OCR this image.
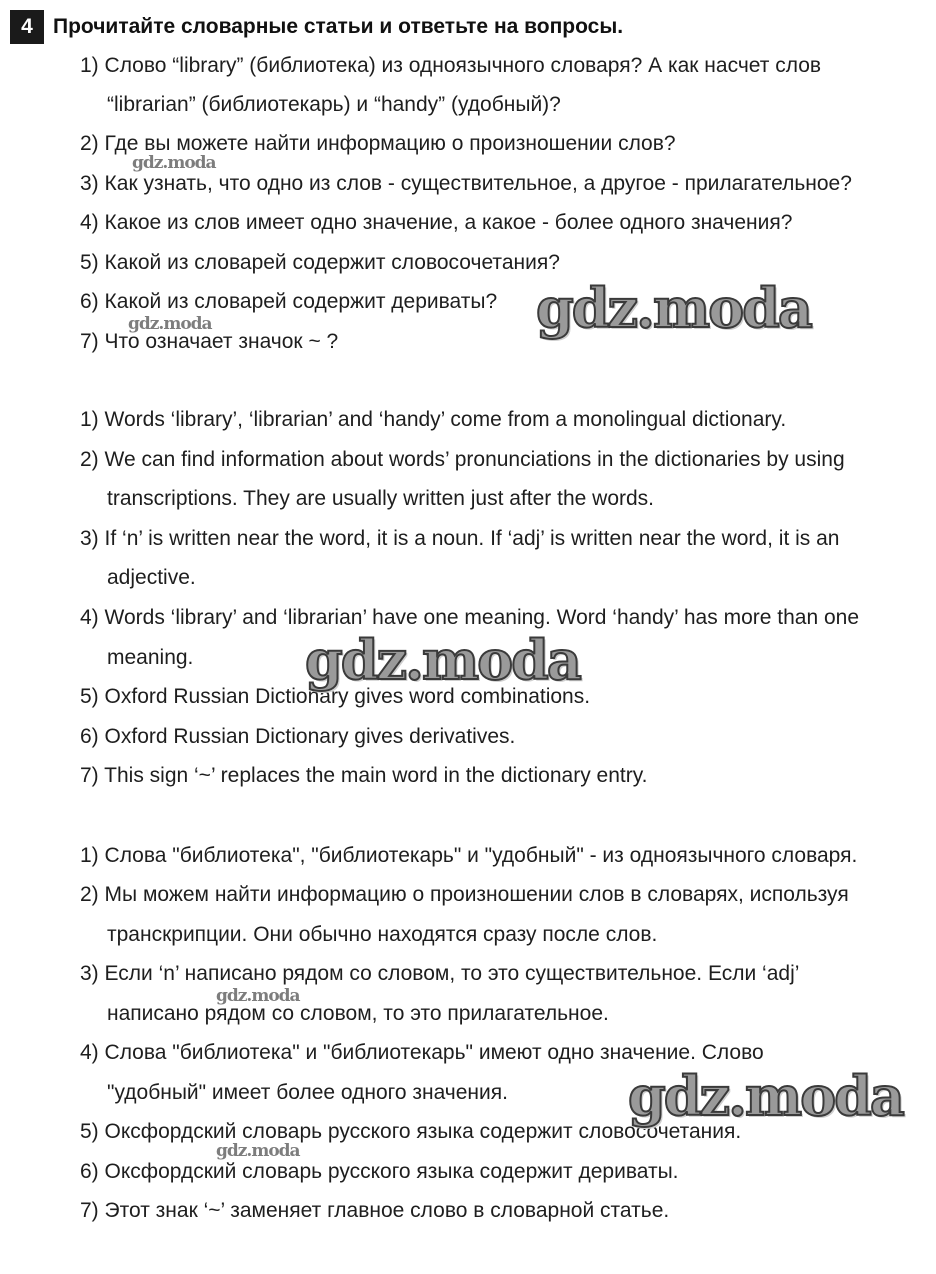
4 Прочитайте словарные статьи и ответьте на вопросы.
1) Слово “library” (библиотека) из одноязычного словаря? А как насчет слов
“librarian” (библиотекарь) и “handy” (удобный)?
2) Где вы можете найти информацию о произношении слов?
3) Как узнать, что одно из слов - существительное, а другое - прилагательное?
4) Какое из слов имеет одно значение, а какое - более одного значения?
5) Какой из словарей содержит словосочетания?
6) Какой из словарей содержит дериваты?
7) Что означает значок ~ ?
1) Words ‘library’, ‘librarian’ and ‘handy’ come from a monolingual dictionary.
2) We can find information about words’ pronunciations in the dictionaries by using
transcriptions. They are usually written just after the words.
3) If ‘n’ is written near the word, it is a noun. If ‘adj’ is written near the word, it is an
adjective.
4) Words ‘library’ and ‘librarian’ have one meaning. Word ‘handy’ has more than one
meaning.
5) Oxford Russian Dictionary gives word combinations.
6) Oxford Russian Dictionary gives derivatives.
7) This sign ‘~’ replaces the main word in the dictionary entry.
1) Слова "библиотека", "библиотекарь" и "удобный" - из одноязычного словаря.
2) Мы можем найти информацию о произношении слов в словарях, используя
транскрипции. Они обычно находятся сразу после слов.
3) Если ‘n’ написано рядом со словом, то это существительное. Если ‘adj’
написано рядом со словом, то это прилагательное.
4) Слова "библиотека" и "библиотекарь" имеют одно значение. Слово
"удобный" имеет более одного значения.
5) Оксфордский словарь русского языка содержит словосочетания.
6) Оксфордский словарь русского языка содержит дериваты.
7) Этот знак ‘~’ заменяет главное слово в словарной статье.
gdz.moda
gdz.moda
gdz.moda
gdz.moda
gdz.moda
gdz.moda
gdz.moda
